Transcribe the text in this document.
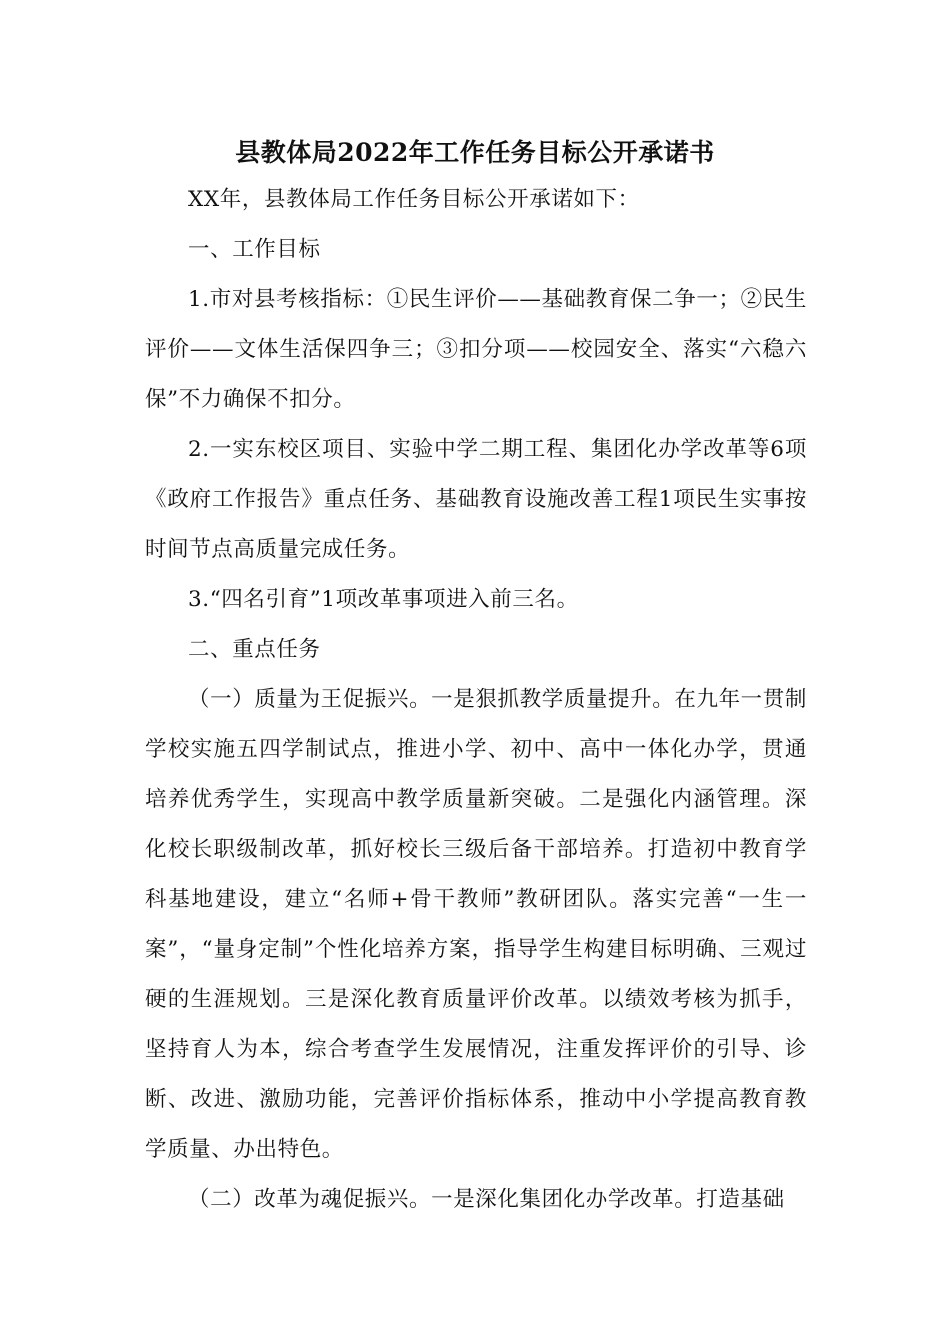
县教体局2022年工作任务目标公开承诺书

XX年，县教体局工作任务目标公开承诺如下：

一、工作目标

1.市对县考核指标：①民生评价——基础教育保二争一；②民生评价——文体生活保四争三；③扣分项——校园安全、落实“六稳六保”不力确保不扣分。

2.一实东校区项目、实验中学二期工程、集团化办学改革等6项《政府工作报告》重点任务、基础教育设施改善工程1项民生实事按时间节点高质量完成任务。

3.“四名引育”1项改革事项进入前三名。

二、重点任务

（一）质量为王促振兴。一是狠抓教学质量提升。在九年一贯制学校实施五四学制试点，推进小学、初中、高中一体化办学，贯通培养优秀学生，实现高中教学质量新突破。二是强化内涵管理。深化校长职级制改革，抓好校长三级后备干部培养。打造初中教育学科基地建设，建立“名师+骨干教师”教研团队。落实完善“一生一案”，“量身定制”个性化培养方案，指导学生构建目标明确、三观过硬的生涯规划。三是深化教育质量评价改革。以绩效考核为抓手，坚持育人为本，综合考查学生发展情况，注重发挥评价的引导、诊断、改进、激励功能，完善评价指标体系，推动中小学提高教育教学质量、办出特色。

（二）改革为魂促振兴。一是深化集团化办学改革。打造基础
